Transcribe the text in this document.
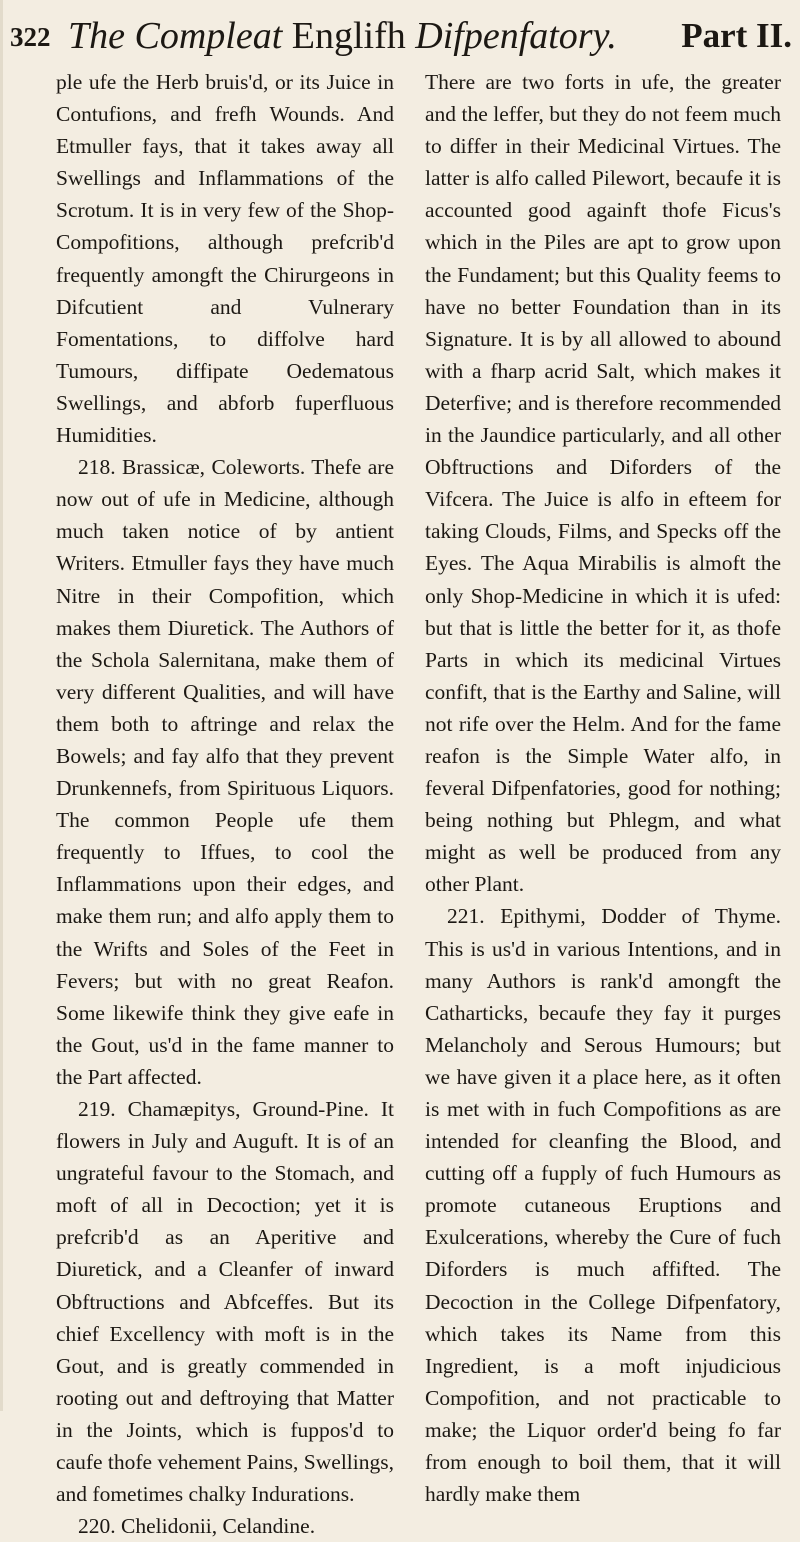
322 The Compleat Englifh Difpenfatory. Part II.

ple ufe the Herb bruis'd, or its Juice in Contufions, and frefh Wounds. And Etmuller fays, that it takes away all Swellings and Inflammations of the Scrotum. It is in very few of the Shop-Compofitions, although prefcrib'd frequently amongft the Chirurgeons in Difcutient and Vulnerary Fomentations, to diffolve hard Tumours, diffipate Oedematous Swellings, and abforb fuperfluous Humidities.

218. Brassicæ, Coleworts. Thefe are now out of ufe in Medicine, although much taken notice of by antient Writers. Etmuller fays they have much Nitre in their Compofition, which makes them Diuretick. The Authors of the Schola Salernitana, make them of very different Qualities, and will have them both to aftringe and relax the Bowels; and fay alfo that they prevent Drunkennefs, from Spirituous Liquors. The common People ufe them frequently to Iffues, to cool the Inflammations upon their edges, and make them run; and alfo apply them to the Wrifts and Soles of the Feet in Fevers; but with no great Reafon. Some likewife think they give eafe in the Gout, us'd in the fame manner to the Part affected.

219. Chamæpitys, Ground-Pine. It flowers in July and Auguft. It is of an ungrateful favour to the Stomach, and moft of all in Decoction; yet it is prefcrib'd as an Aperitive and Diuretick, and a Cleanfer of inward Obftructions and Abfceffes. But its chief Excellency with moft is in the Gout, and is greatly commended in rooting out and deftroying that Matter in the Joints, which is fuppos'd to caufe thofe vehement Pains, Swellings, and fometimes chalky Indurations.

220. Chelidonii, Celandine.

There are two forts in ufe, the greater and the leffer, but they do not feem much to differ in their Medicinal Virtues. The latter is alfo called Pilewort, becaufe it is accounted good againft thofe Ficus's which in the Piles are apt to grow upon the Fundament; but this Quality feems to have no better Foundation than in its Signature. It is by all allowed to abound with a fharp acrid Salt, which makes it Deterfive; and is therefore recommended in the Jaundice particularly, and all other Obftructions and Diforders of the Vifcera. The Juice is alfo in efteem for taking Clouds, Films, and Specks off the Eyes. The Aqua Mirabilis is almoft the only Shop-Medicine in which it is ufed: but that is little the better for it, as thofe Parts in which its medicinal Virtues confift, that is the Earthy and Saline, will not rife over the Helm. And for the fame reafon is the Simple Water alfo, in feveral Difpenfatories, good for nothing; being nothing but Phlegm, and what might as well be produced from any other Plant.

221. Epithymi, Dodder of Thyme. This is us'd in various Intentions, and in many Authors is rank'd amongft the Catharticks, becaufe they fay it purges Melancholy and Serous Humours; but we have given it a place here, as it often is met with in fuch Compofitions as are intended for cleanfing the Blood, and cutting off a fupply of fuch Humours as promote cutaneous Eruptions and Exulcerations, whereby the Cure of fuch Diforders is much affifted. The Decoction in the College Difpenfatory, which takes its Name from this Ingredient, is a moft injudicious Compofition, and not practicable to make; the Liquor order'd being fo far from enough to boil them, that it will hardly make them
